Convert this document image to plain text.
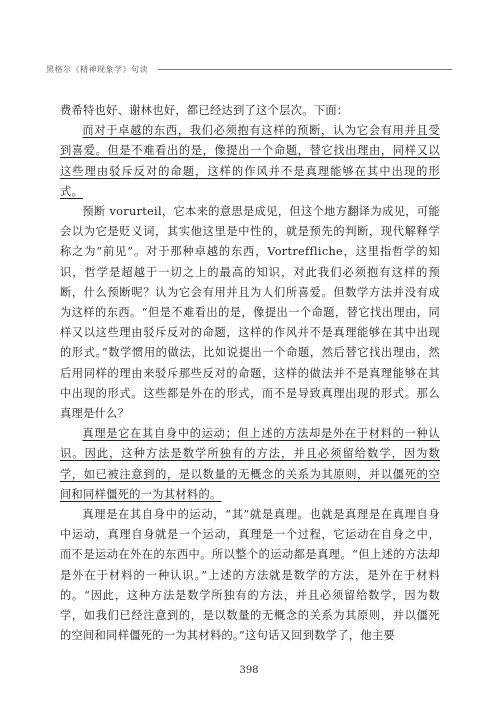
黑格尔《精神现象学》句读

费希特也好、谢林也好，都已经达到了这个层次。下面：

而对于卓越的东西，我们必须抱有这样的预断，认为它会有用并且受到喜爱。但是不难看出的是，像提出一个命题，替它找出理由，同样又以这些理由驳斥反对的命题，这样的作风并不是真理能够在其中出现的形式。

预断 vorurteil，它本来的意思是成见，但这个地方翻译为成见，可能会以为它是贬义词，其实他这里是中性的，就是预先的判断，现代解释学称之为“前见”。对于那种卓越的东西，Vortreffliche，这里指哲学的知识，哲学是超越于一切之上的最高的知识，对此我们必须抱有这样的预断，什么预断呢？认为它会有用并且为人们所喜爱。但数学方法并没有成为这样的东西。“但是不难看出的是，像提出一个命题，替它找出理由，同样又以这些理由驳斥反对的命题，这样的作风并不是真理能够在其中出现的形式。”数学惯用的做法，比如说提出一个命题，然后替它找出理由，然后用同样的理由来驳斥那些反对的命题，这样的做法并不是真理能够在其中出现的形式。这些都是外在的形式，而不是导致真理出现的形式。那么真理是什么？

真理是它在其自身中的运动；但上述的方法却是外在于材料的一种认识。因此，这种方法是数学所独有的方法，并且必须留给数学，因为数学，如已被注意到的，是以数量的无概念的关系为其原则，并以僵死的空间和同样僵死的一为其材料的。

真理是在其自身中的运动，“其”就是真理。也就是真理是在真理自身中运动，真理自身就是一个运动，真理是一个过程，它运动在自身之中，而不是运动在外在的东西中。所以整个的运动都是真理。“但上述的方法却是外在于材料的一种认识。”上述的方法就是数学的方法，是外在于材料的。“因此，这种方法是数学所独有的方法，并且必须留给数学，因为数学，如我们已经注意到的，是以数量的无概念的关系为其原则，并以僵死的空间和同样僵死的一为其材料的。”这句话又回到数学了，他主要

398
